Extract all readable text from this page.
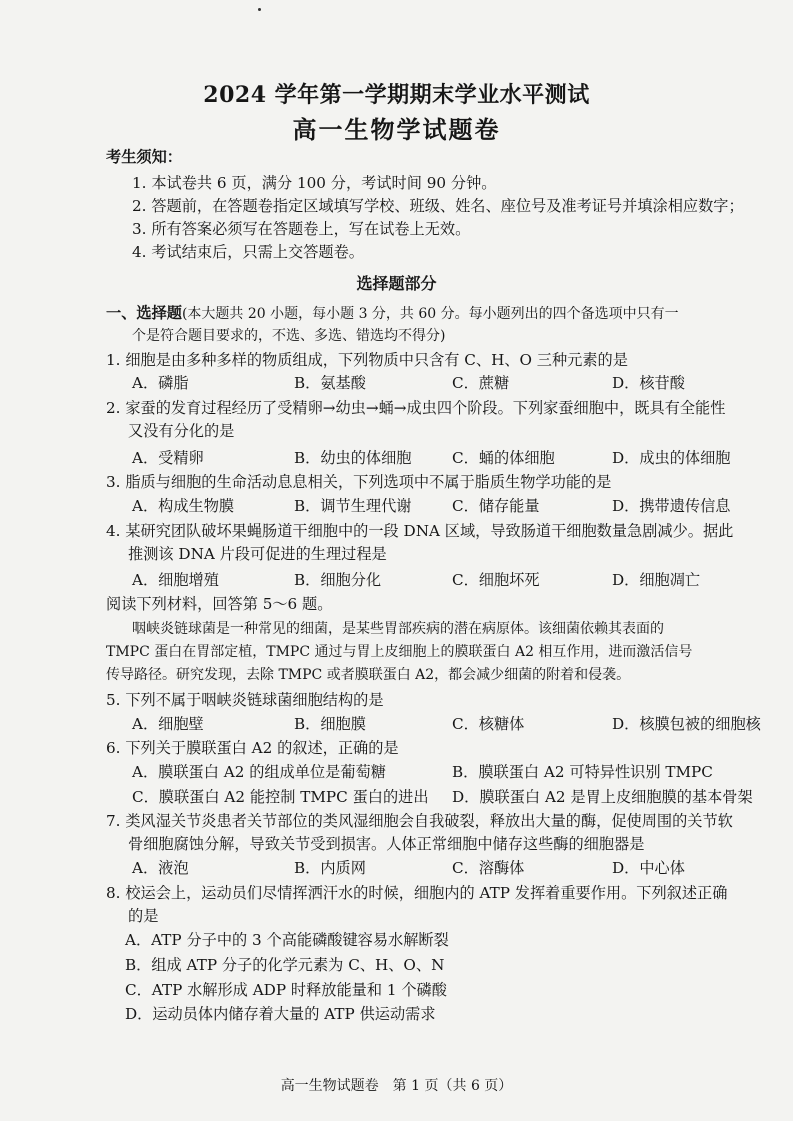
2024 学年第一学期期末学业水平测试
高一生物学试题卷
考生须知：
1. 本试卷共 6 页，满分 100 分，考试时间 90 分钟。
2. 答题前，在答题卷指定区域填写学校、班级、姓名、座位号及准考证号并填涂相应数字；
3. 所有答案必须写在答题卷上，写在试卷上无效。
4. 考试结束后，只需上交答题卷。
选择题部分
一、选择题(本大题共 20 小题，每小题 3 分，共 60 分。每小题列出的四个备选项中只有一
个是符合题目要求的，不选、多选、错选均不得分)
1. 细胞是由多种多样的物质组成，下列物质中只含有 C、H、O 三种元素的是
A．磷脂	B．氨基酸	C．蔗糖	D．核苷酸
2. 家蚕的发育过程经历了受精卵→幼虫→蛹→成虫四个阶段。下列家蚕细胞中，既具有全能性
又没有分化的是
A．受精卵	B．幼虫的体细胞	C．蛹的体细胞	D．成虫的体细胞
3. 脂质与细胞的生命活动息息相关，下列选项中不属于脂质生物学功能的是
A．构成生物膜	B．调节生理代谢	C．储存能量	D．携带遗传信息
4. 某研究团队破坏果蝇肠道干细胞中的一段 DNA 区域，导致肠道干细胞数量急剧减少。据此
推测该 DNA 片段可促进的生理过程是
A．细胞增殖	B．细胞分化	C．细胞坏死	D．细胞凋亡
阅读下列材料，回答第 5～6 题。
咽峡炎链球菌是一种常见的细菌，是某些胃部疾病的潜在病原体。该细菌依赖其表面的
TMPC 蛋白在胃部定植，TMPC 通过与胃上皮细胞上的膜联蛋白 A2 相互作用，进而激活信号
传导路径。研究发现，去除 TMPC 或者膜联蛋白 A2，都会减少细菌的附着和侵袭。
5. 下列不属于咽峡炎链球菌细胞结构的是
A．细胞壁	B．细胞膜	C．核糖体	D．核膜包被的细胞核
6. 下列关于膜联蛋白 A2 的叙述，正确的是
A．膜联蛋白 A2 的组成单位是葡萄糖	B．膜联蛋白 A2 可特异性识别 TMPC
C．膜联蛋白 A2 能控制 TMPC 蛋白的进出 D．膜联蛋白 A2 是胃上皮细胞膜的基本骨架
7. 类风湿关节炎患者关节部位的类风湿细胞会自我破裂，释放出大量的酶，促使周围的关节软
骨细胞腐蚀分解，导致关节受到损害。人体正常细胞中储存这些酶的细胞器是
A．液泡	B．内质网	C．溶酶体	D．中心体
8. 校运会上，运动员们尽情挥洒汗水的时候，细胞内的 ATP 发挥着重要作用。下列叙述正确
的是
A．ATP 分子中的 3 个高能磷酸键容易水解断裂
B．组成 ATP 分子的化学元素为 C、H、O、N
C．ATP 水解形成 ADP 时释放能量和 1 个磷酸
D．运动员体内储存着大量的 ATP 供运动需求
高一生物试题卷　第 1 页（共 6 页）
